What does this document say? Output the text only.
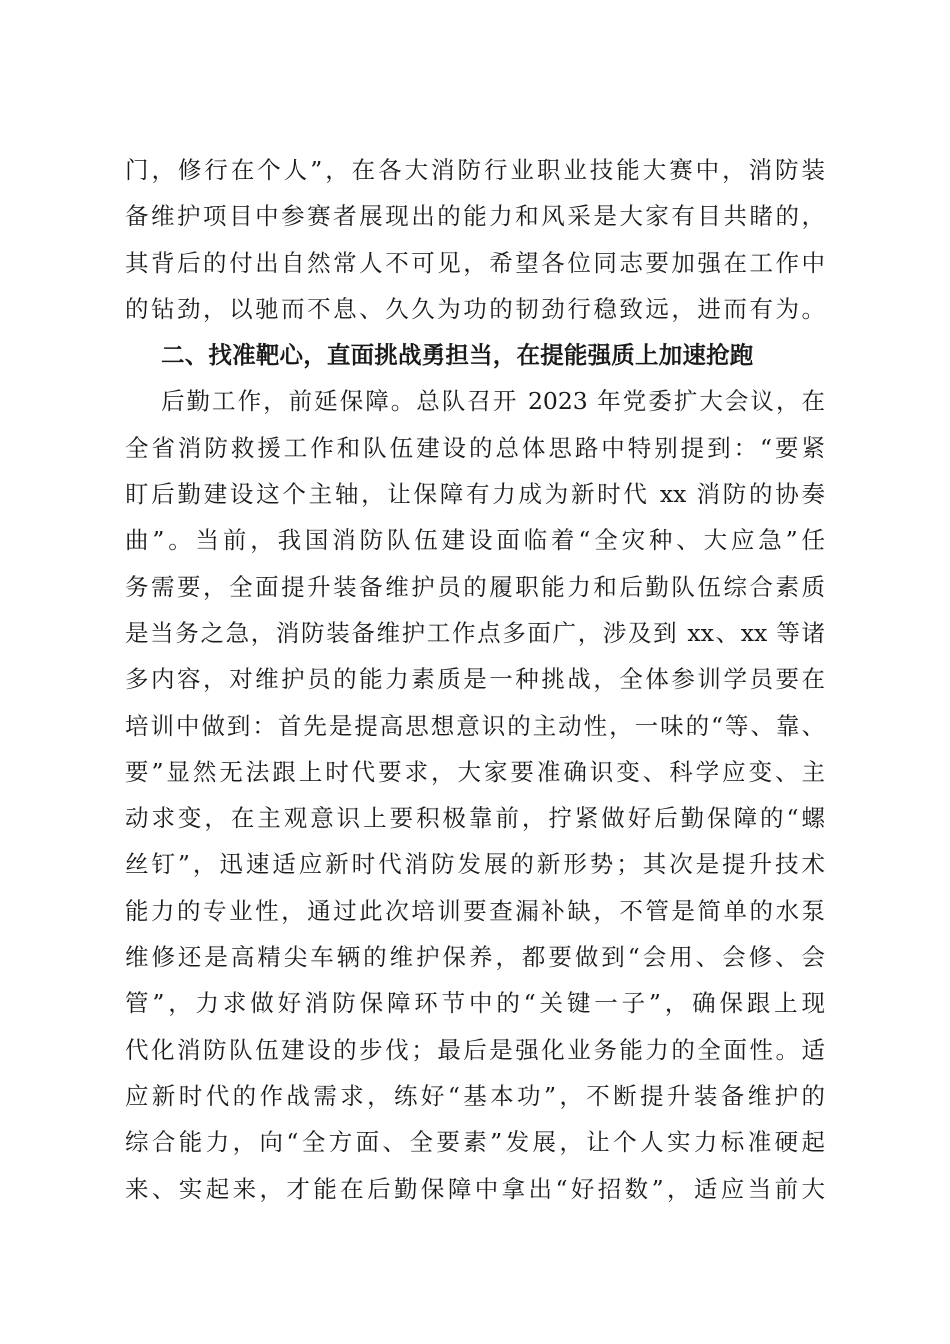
门，修行在个人”，在各大消防行业职业技能大赛中，消防装
备维护项目中参赛者展现出的能力和风采是大家有目共睹的，
其背后的付出自然常人不可见，希望各位同志要加强在工作中
的钻劲，以驰而不息、久久为功的韧劲行稳致远，进而有为。
二、找准靶心，直面挑战勇担当，在提能强质上加速抢跑
后勤工作，前延保障。总队召开 2023 年党委扩大会议，在
全省消防救援工作和队伍建设的总体思路中特别提到：“要紧
盯后勤建设这个主轴，让保障有力成为新时代 xx 消防的协奏
曲”。当前，我国消防队伍建设面临着“全灾种、大应急”任
务需要，全面提升装备维护员的履职能力和后勤队伍综合素质
是当务之急，消防装备维护工作点多面广，涉及到 xx、xx 等诸
多内容，对维护员的能力素质是一种挑战，全体参训学员要在
培训中做到：首先是提高思想意识的主动性，一味的“等、靠、
要”显然无法跟上时代要求，大家要准确识变、科学应变、主
动求变，在主观意识上要积极靠前，拧紧做好后勤保障的“螺
丝钉”，迅速适应新时代消防发展的新形势；其次是提升技术
能力的专业性，通过此次培训要查漏补缺，不管是简单的水泵
维修还是高精尖车辆的维护保养，都要做到“会用、会修、会
管”，力求做好消防保障环节中的“关键一子”，确保跟上现
代化消防队伍建设的步伐；最后是强化业务能力的全面性。适
应新时代的作战需求，练好“基本功”，不断提升装备维护的
综合能力，向“全方面、全要素”发展，让个人实力标准硬起
来、实起来，才能在后勤保障中拿出“好招数”，适应当前大
